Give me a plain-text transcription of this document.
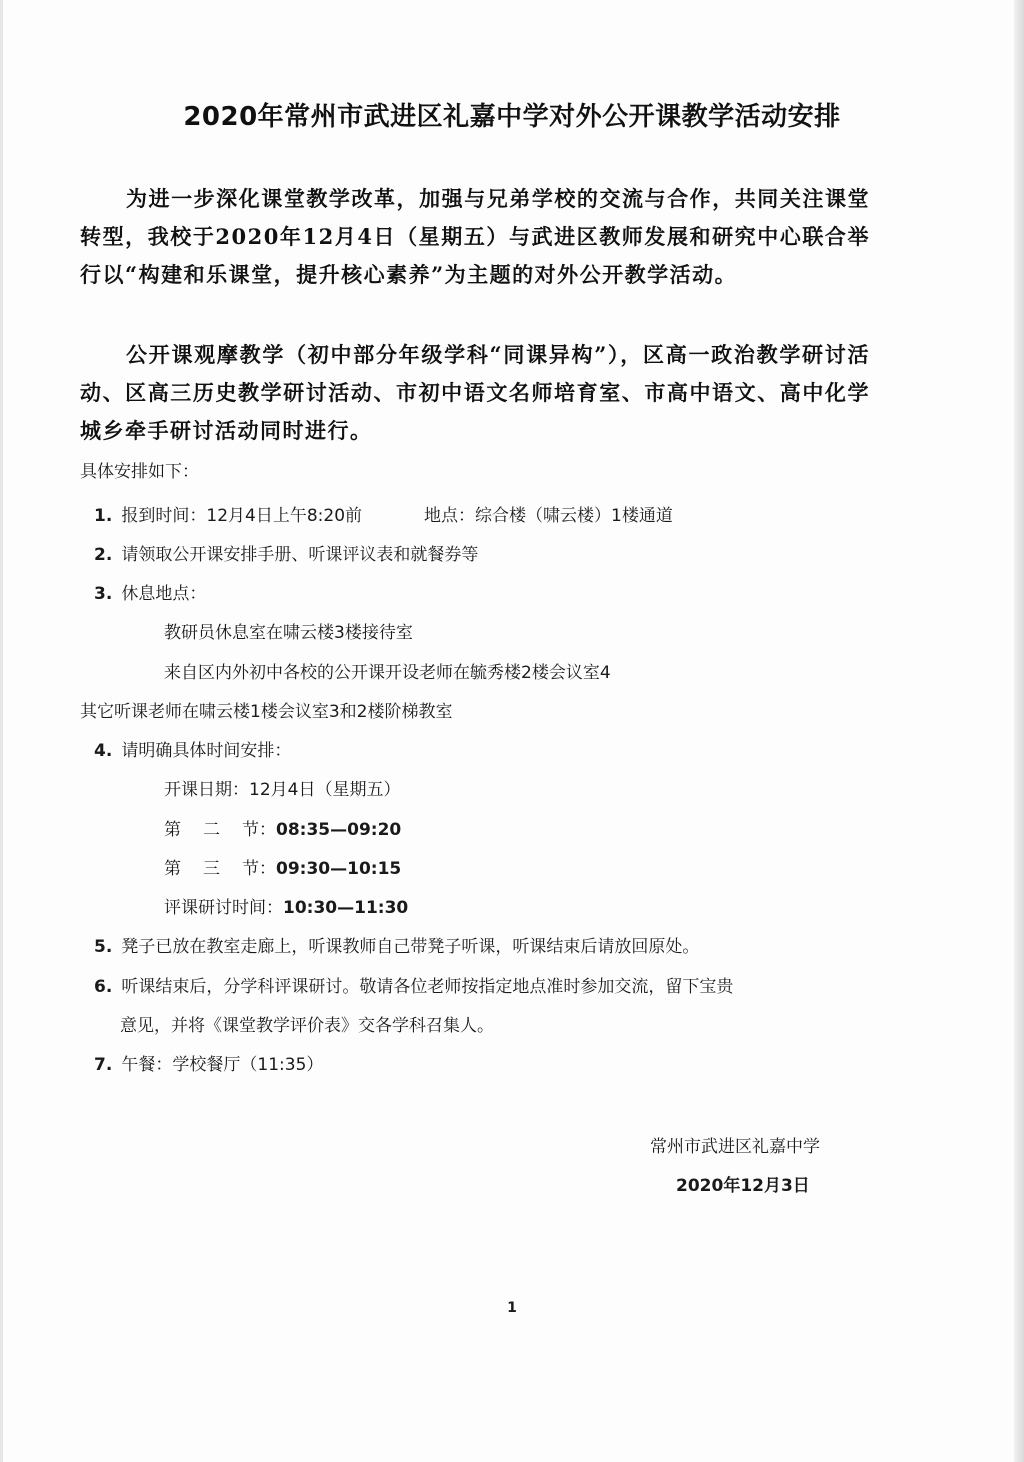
2020年常州市武进区礼嘉中学对外公开课教学活动安排

为进一步深化课堂教学改革，加强与兄弟学校的交流与合作，共同关注课堂转型，我校于2020年12月4日（星期五）与武进区教师发展和研究中心联合举行以“构建和乐课堂，提升核心素养”为主题的对外公开教学活动。

公开课观摩教学（初中部分年级学科“同课异构”），区高一政治教学研讨活动、区高三历史教学研讨活动、市初中语文名师培育室、市高中语文、高中化学城乡牵手研讨活动同时进行。

具体安排如下：
1. 报到时间：12月4日上午8:20前	地点：综合楼（啸云楼）1楼通道
2. 请领取公开课安排手册、听课评议表和就餐券等
3. 休息地点：
教研员休息室在啸云楼3楼接待室
来自区内外初中各校的公开课开设老师在毓秀楼2楼会议室4
其它听课老师在啸云楼1楼会议室3和2楼阶梯教室
4. 请明确具体时间安排：
开课日期：12月4日（星期五）
第 二 节：08:35—09:20
第 三 节：09:30—10:15
评课研讨时间：10:30—11:30
5. 凳子已放在教室走廊上，听课教师自己带凳子听课，听课结束后请放回原处。
6. 听课结束后，分学科评课研讨。敬请各位老师按指定地点准时参加交流，留下宝贵
意见，并将《课堂教学评价表》交各学科召集人。
7. 午餐：学校餐厅（11:35）
常州市武进区礼嘉中学
2020年12月3日
1
